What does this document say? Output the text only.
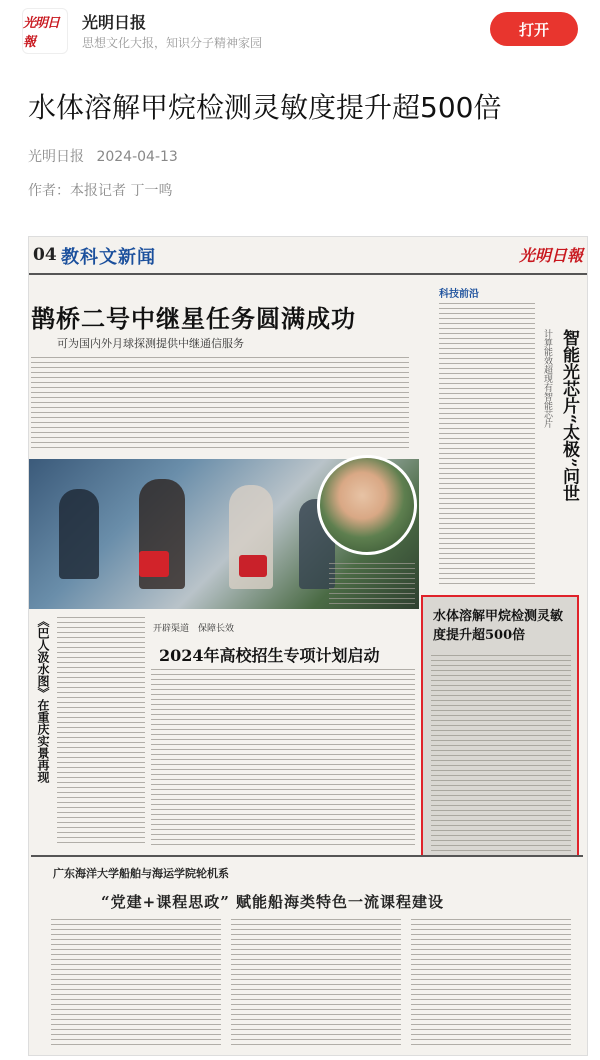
光明日報
光明日报
思想文化大报，知识分子精神家园
打开
水体溶解甲烷检测灵敏度提升超500倍
光明日报 2024-04-13
作者：本报记者 丁一鸣
04 教科文新闻	光明日報
鹊桥二号中继星任务圆满成功
可为国内外月球探测提供中继通信服务
科技前沿
智能光芯片“太极”问世
计算能效超现有智能芯片
《巴人汲水图》在重庆实景再现	开辟渠道　保障长效
2024年高校招生专项计划启动
水体溶解甲烷检测灵敏度提升超500倍
广东海洋大学船舶与海运学院轮机系
“党建+课程思政” 赋能船海类特色一流课程建设
